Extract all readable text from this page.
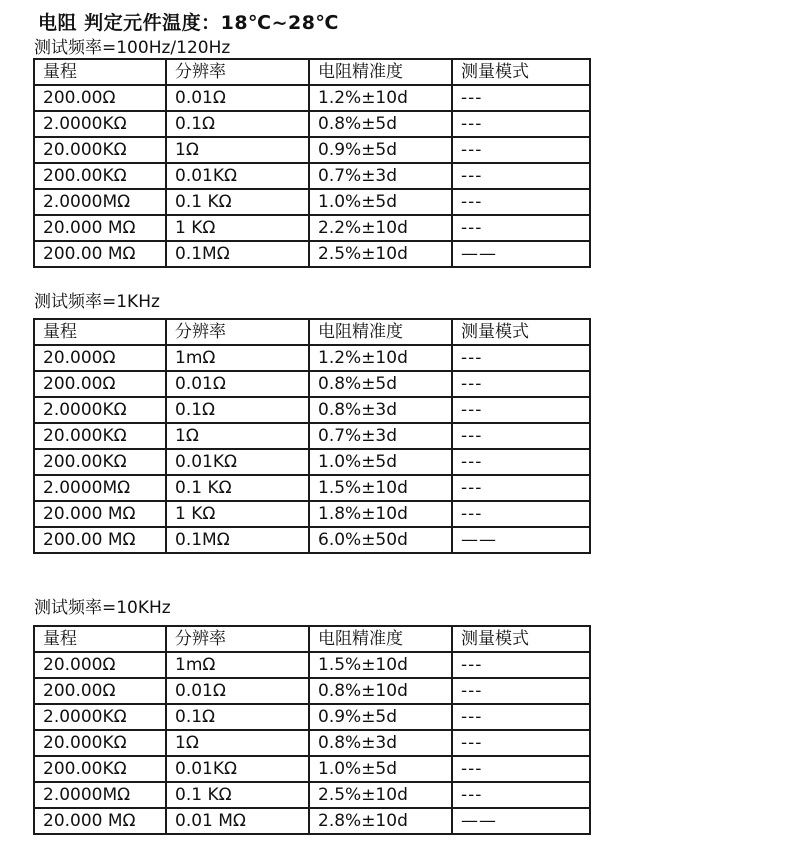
电阻 判定元件温度：18℃~28℃
测试频率=100Hz/120Hz
量程	分辨率	电阻精准度	测量模式
200.00Ω	0.01Ω	1.2%±10d	---
2.0000KΩ	0.1Ω	0.8%±5d	---
20.000KΩ	1Ω	0.9%±5d	---
200.00KΩ	0.01KΩ	0.7%±3d	---
2.0000MΩ	0.1 KΩ	1.0%±5d	---
20.000 MΩ	1 KΩ	2.2%±10d	---
200.00 MΩ	0.1MΩ	2.5%±10d	——
测试频率=1KHz
量程	分辨率	电阻精准度	测量模式
20.000Ω	1mΩ	1.2%±10d	---
200.00Ω	0.01Ω	0.8%±5d	---
2.0000KΩ	0.1Ω	0.8%±3d	---
20.000KΩ	1Ω	0.7%±3d	---
200.00KΩ	0.01KΩ	1.0%±5d	---
2.0000MΩ	0.1 KΩ	1.5%±10d	---
20.000 MΩ	1 KΩ	1.8%±10d	---
200.00 MΩ	0.1MΩ	6.0%±50d	——
测试频率=10KHz
量程	分辨率	电阻精准度	测量模式
20.000Ω	1mΩ	1.5%±10d	---
200.00Ω	0.01Ω	0.8%±10d	---
2.0000KΩ	0.1Ω	0.9%±5d	---
20.000KΩ	1Ω	0.8%±3d	---
200.00KΩ	0.01KΩ	1.0%±5d	---
2.0000MΩ	0.1 KΩ	2.5%±10d	---
20.000 MΩ	0.01 MΩ	2.8%±10d	——
